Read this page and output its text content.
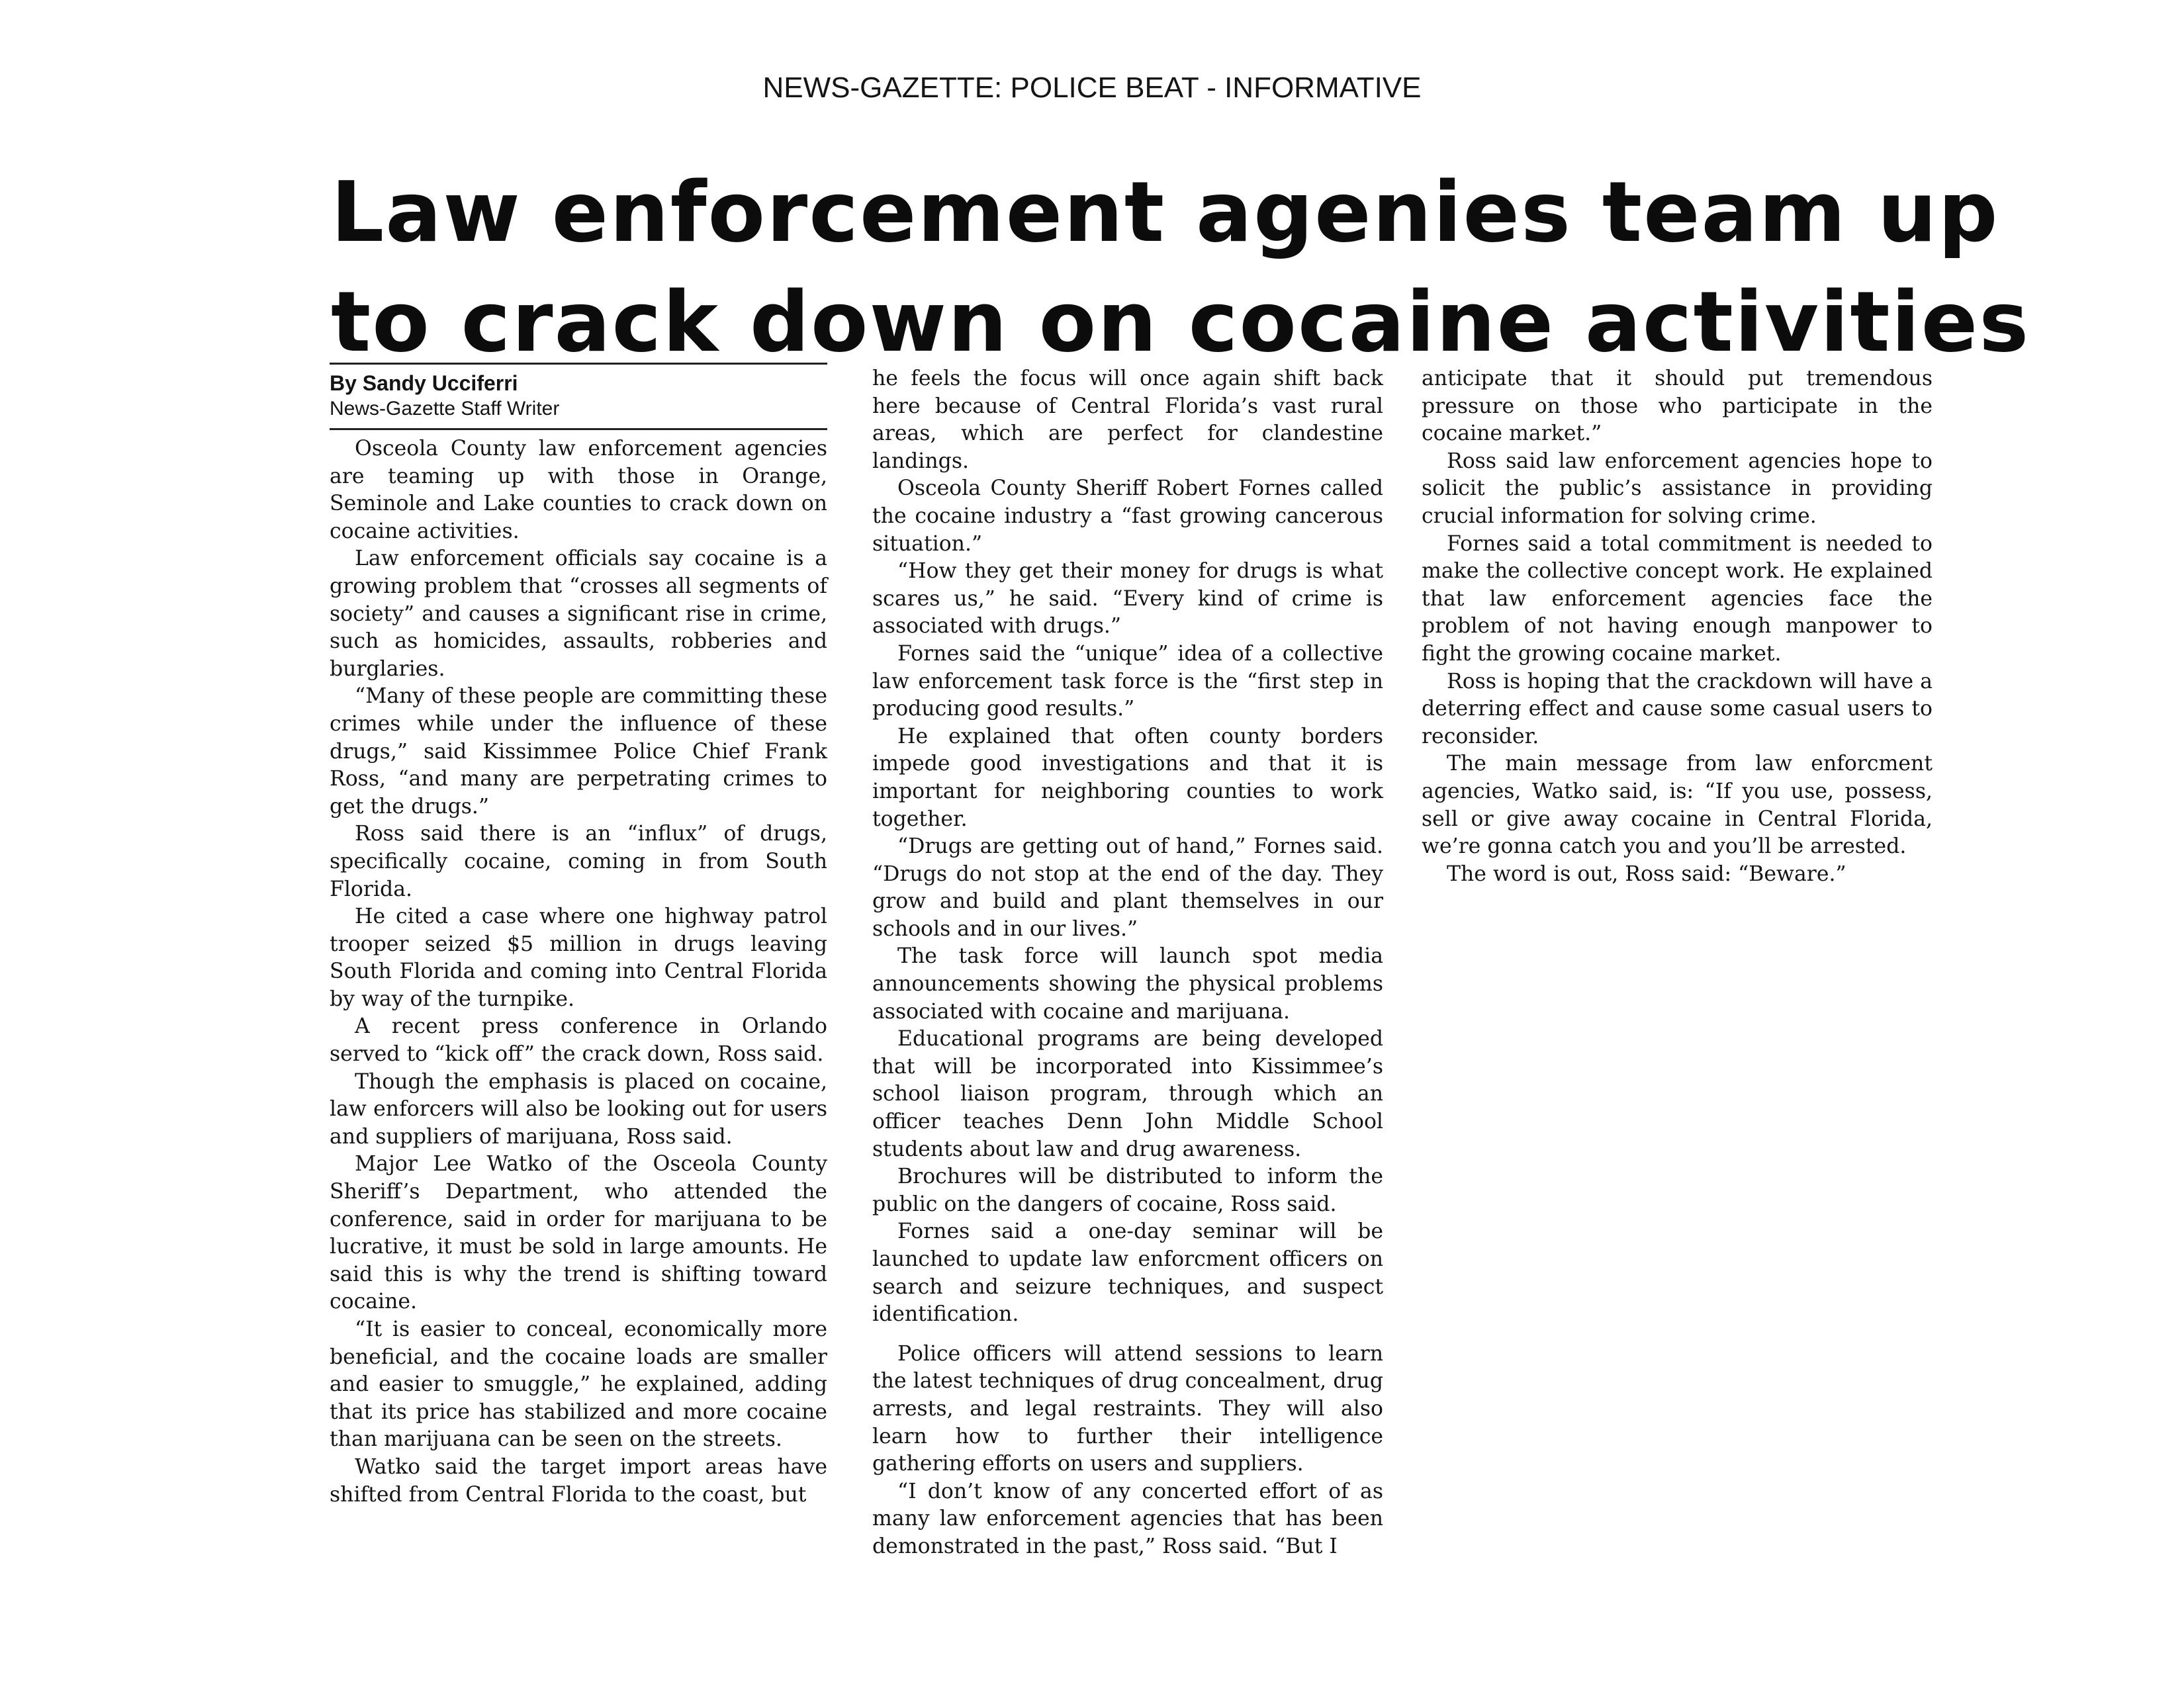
NEWS-GAZETTE: POLICE BEAT - INFORMATIVE
Law enforcement agenies team up
to crack down on cocaine activities
By Sandy Ucciferri
News-Gazette Staff Writer

Osceola County law enforcement agencies are teaming up with those in Orange, Seminole and Lake counties to crack down on cocaine activities.

Law enforcement officials say cocaine is a growing problem that “crosses all segments of society” and causes a significant rise in crime, such as homicides, assaults, robberies and burglaries.

“Many of these people are committing these crimes while under the influence of these drugs,” said Kissimmee Police Chief Frank Ross, “and many are perpetrating crimes to get the drugs.”

Ross said there is an “influx” of drugs, specifically cocaine, coming in from South Florida.

He cited a case where one highway patrol trooper seized $5 million in drugs leaving South Florida and coming into Central Florida by way of the turnpike.

A recent press conference in Orlando served to “kick off” the crack down, Ross said.

Though the emphasis is placed on cocaine, law enforcers will also be looking out for users and suppliers of marijuana, Ross said.

Major Lee Watko of the Osceola County Sheriff’s Department, who attended the conference, said in order for marijuana to be lucrative, it must be sold in large amounts. He said this is why the trend is shifting toward cocaine.

“It is easier to conceal, economically more beneficial, and the cocaine loads are smaller and easier to smuggle,” he explained, adding that its price has stabilized and more cocaine than marijuana can be seen on the streets.

Watko said the target import areas have shifted from Central Florida to the coast, but

he feels the focus will once again shift back here because of Central Florida’s vast rural areas, which are perfect for clandestine landings.

Osceola County Sheriff Robert Fornes called the cocaine industry a “fast growing cancerous situation.”

“How they get their money for drugs is what scares us,” he said. “Every kind of crime is associated with drugs.”

Fornes said the “unique” idea of a collective law enforcement task force is the “first step in producing good results.”

He explained that often county borders impede good investigations and that it is important for neighboring counties to work together.

“Drugs are getting out of hand,” Fornes said. “Drugs do not stop at the end of the day. They grow and build and plant themselves in our schools and in our lives.”

The task force will launch spot media announcements showing the physical problems associated with cocaine and marijuana.

Educational programs are being developed that will be incorporated into Kissimmee’s school liaison program, through which an officer teaches Denn John Middle School students about law and drug awareness.

Brochures will be distributed to inform the public on the dangers of cocaine, Ross said.

Fornes said a one-day seminar will be launched to update law enforcment officers on search and seizure techniques, and suspect identification.

Police officers will attend sessions to learn the latest techniques of drug concealment, drug arrests, and legal restraints. They will also learn how to further their intelligence gathering efforts on users and suppliers.

“I don’t know of any concerted effort of as many law enforcement agencies that has been demonstrated in the past,” Ross said. “But I

anticipate that it should put tremendous pressure on those who participate in the cocaine market.”

Ross said law enforcement agencies hope to solicit the public’s assistance in providing crucial information for solving crime.

Fornes said a total commitment is needed to make the collective concept work. He explained that law enforcement agencies face the problem of not having enough manpower to fight the growing cocaine market.

Ross is hoping that the crackdown will have a deterring effect and cause some casual users to reconsider.

The main message from law enforcment agencies, Watko said, is: “If you use, possess, sell or give away cocaine in Central Florida, we’re gonna catch you and you’ll be arrested.

The word is out, Ross said: “Beware.”
